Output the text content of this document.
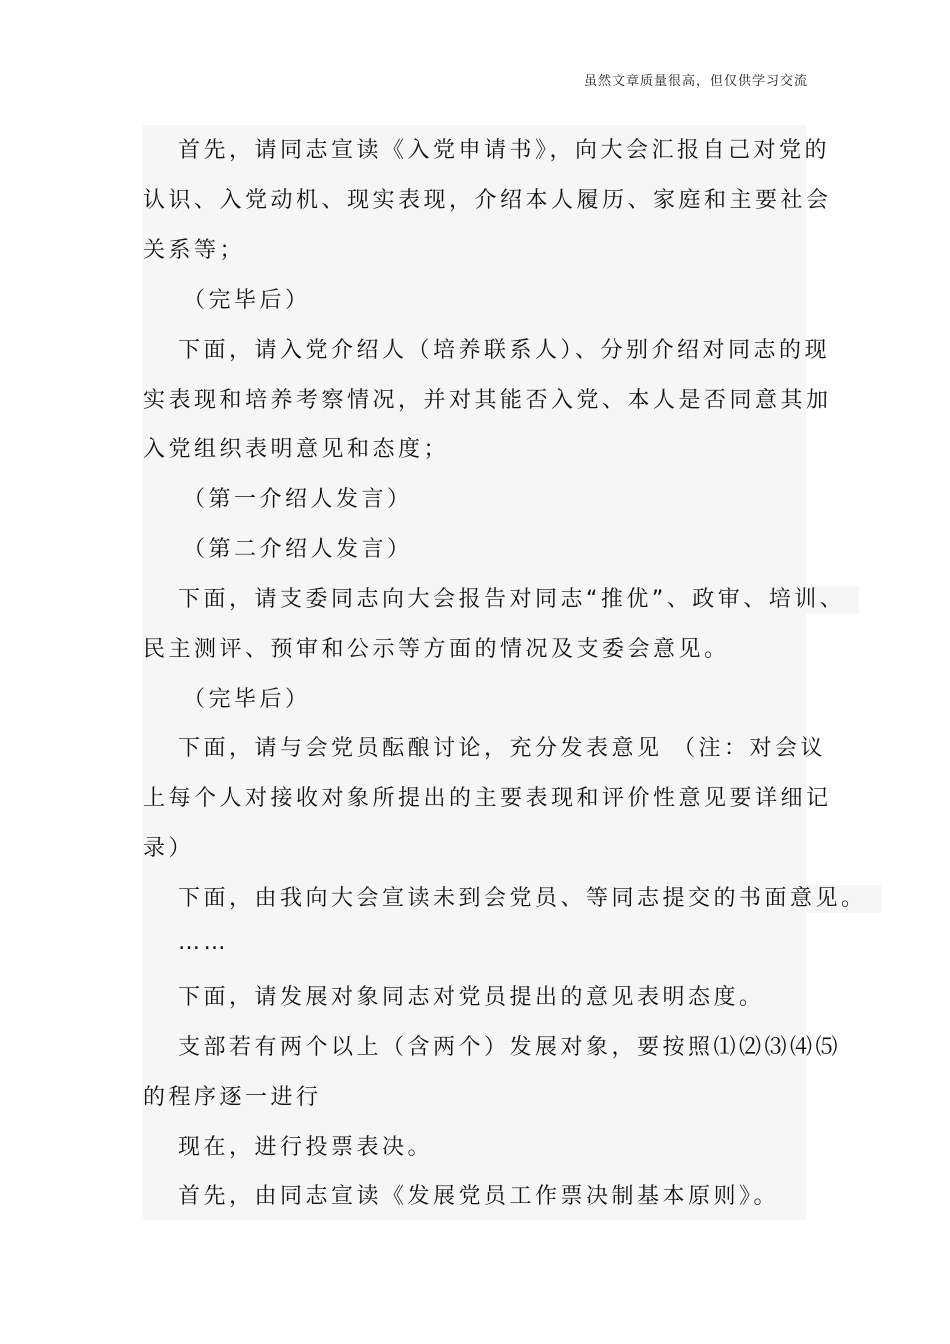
虽然文章质量很高，但仅供学习交流
首先，请同志宣读《入党申请书》，向大会汇报自己对党的
认识、入党动机、现实表现，介绍本人履历、家庭和主要社会
关系等；
（完毕后）
下面，请入党介绍人（培养联系人）、分别介绍对同志的现
实表现和培养考察情况，并对其能否入党、本人是否同意其加
入党组织表明意见和态度；
（第一介绍人发言）
（第二介绍人发言）
下面，请支委同志向大会报告对同志“推优”、政审、培训、
民主测评、预审和公示等方面的情况及支委会意见。
（完毕后）
下面，请与会党员酝酿讨论，充分发表意见 （注：对会议
上每个人对接收对象所提出的主要表现和评价性意见要详细记
录）
下面，由我向大会宣读未到会党员、等同志提交的书面意见。
……
下面，请发展对象同志对党员提出的意见表明态度。
支部若有两个以上（含两个）发展对象，要按照⑴⑵⑶⑷⑸
的程序逐一进行
现在，进行投票表决。
首先，由同志宣读《发展党员工作票决制基本原则》。
